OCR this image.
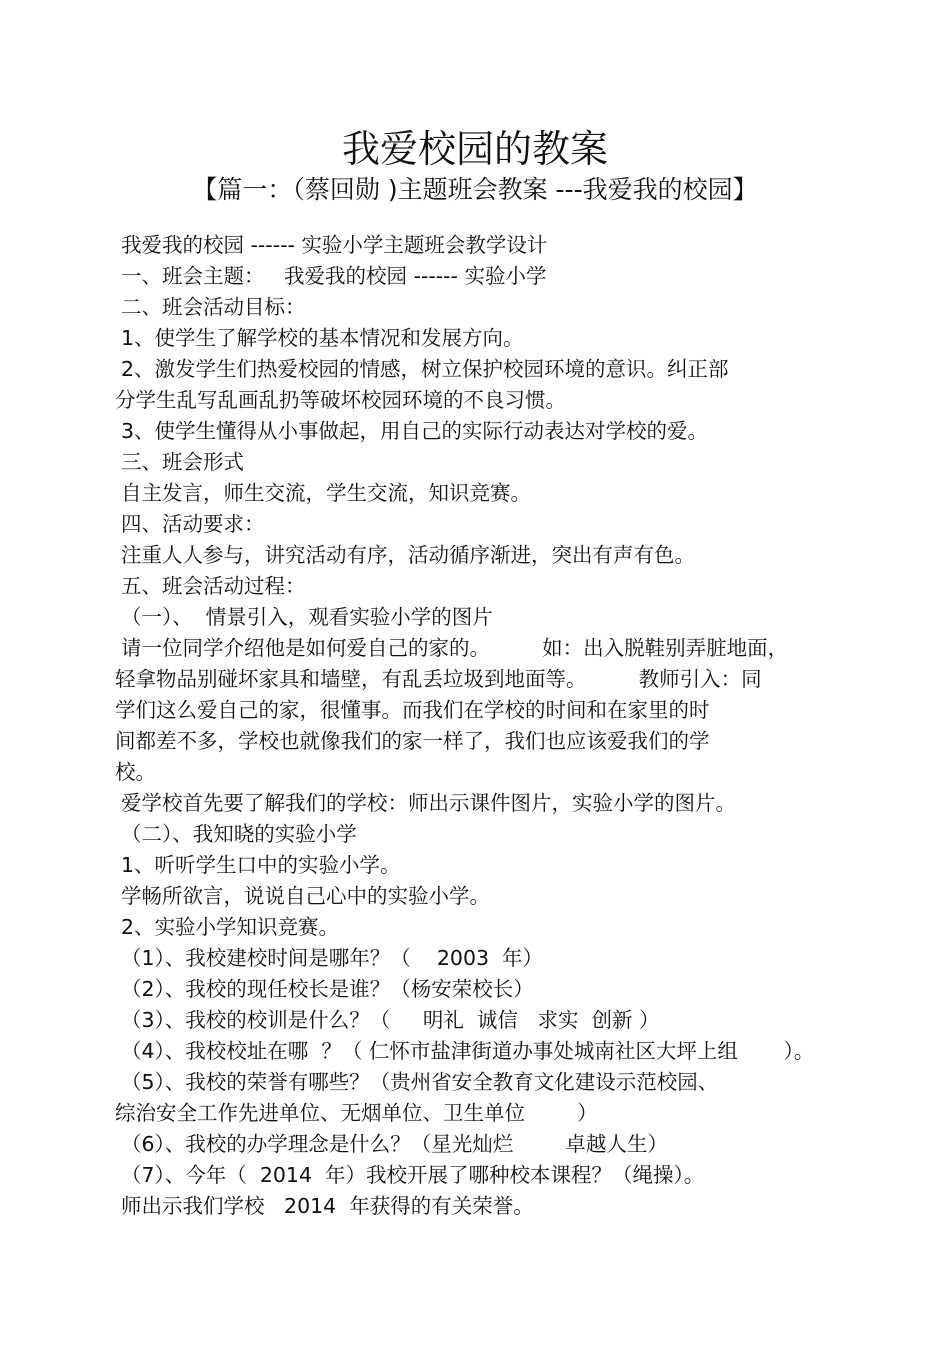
我爱校园的教案
【篇一：（蔡回勋 )主题班会教案 ---我爱我的校园】
我爱我的校园 ------ 实验小学主题班会教学设计
一、班会主题：   我爱我的校园 ------ 实验小学
二、班会活动目标：
1、使学生了解学校的基本情况和发展方向。
2、激发学生们热爱校园的情感，树立保护校园环境的意识。纠正部
分学生乱写乱画乱扔等破坏校园环境的不良习惯。
3、使学生懂得从小事做起，用自己的实际行动表达对学校的爱。
三、班会形式
自主发言，师生交流，学生交流，知识竞赛。
四、活动要求：
注重人人参与，讲究活动有序，活动循序渐进，突出有声有色。
五、班会活动过程：
（一）、  情景引入，观看实验小学的图片
请一位同学介绍他是如何爱自己的家的。        如：出入脱鞋别弄脏地面，
轻拿物品别碰坏家具和墙壁，有乱丢垃圾到地面等。        教师引入：同
学们这么爱自己的家，很懂事。而我们在学校的时间和在家里的时
间都差不多，学校也就像我们的家一样了，我们也应该爱我们的学
校。
爱学校首先要了解我们的学校：师出示课件图片，实验小学的图片。
（二）、我知晓的实验小学
1、听听学生口中的实验小学。
学畅所欲言，说说自己心中的实验小学。
2、实验小学知识竞赛。
（1）、我校建校时间是哪年？（    2003  年）
（2）、我校的现任校长是谁？（杨安荣校长）
（3）、我校的校训是什么？（     明礼  诚信   求实  创新 ）
（4）、我校校址在哪  ？（ 仁怀市盐津街道办事处城南社区大坪上组       ）。
（5）、我校的荣誉有哪些？（贵州省安全教育文化建设示范校园、
综治安全工作先进单位、无烟单位、卫生单位        ）
（6）、我校的办学理念是什么？（星光灿烂        卓越人生）
（7）、今年（  2014  年）我校开展了哪种校本课程？（绳操）。
师出示我们学校   2014  年获得的有关荣誉。
